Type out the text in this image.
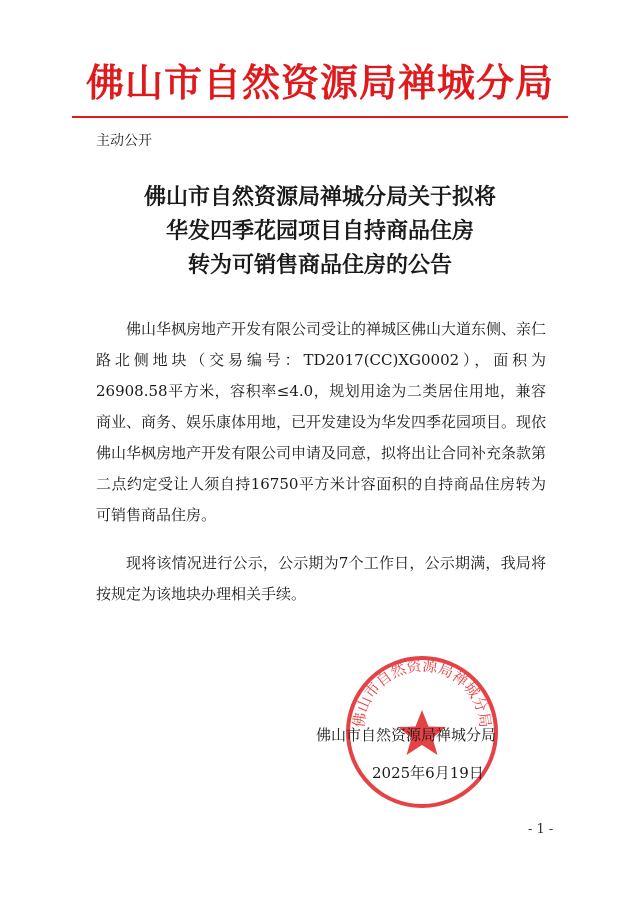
佛山市自然资源局禅城分局
主动公开
佛山市自然资源局禅城分局关于拟将
华发四季花园项目自持商品住房
转为可销售商品住房的公告

佛山华枫房地产开发有限公司受让的禅城区佛山大道东侧、亲仁路北侧地块（交易编号：TD2017(CC)XG0002），面积为26908.58平方米，容积率≤4.0，规划用途为二类居住用地，兼容商业、商务、娱乐康体用地，已开发建设为华发四季花园项目。现依佛山华枫房地产开发有限公司申请及同意，拟将出让合同补充条款第二点约定受让人须自持16750平方米计容面积的自持商品住房转为可销售商品住房。

现将该情况进行公示，公示期为7个工作日，公示期满，我局将按规定为该地块办理相关手续。

佛山市自然资源局禅城分局
佛山市自然资源局禅城分局
2025年6月19日
- 1 -
